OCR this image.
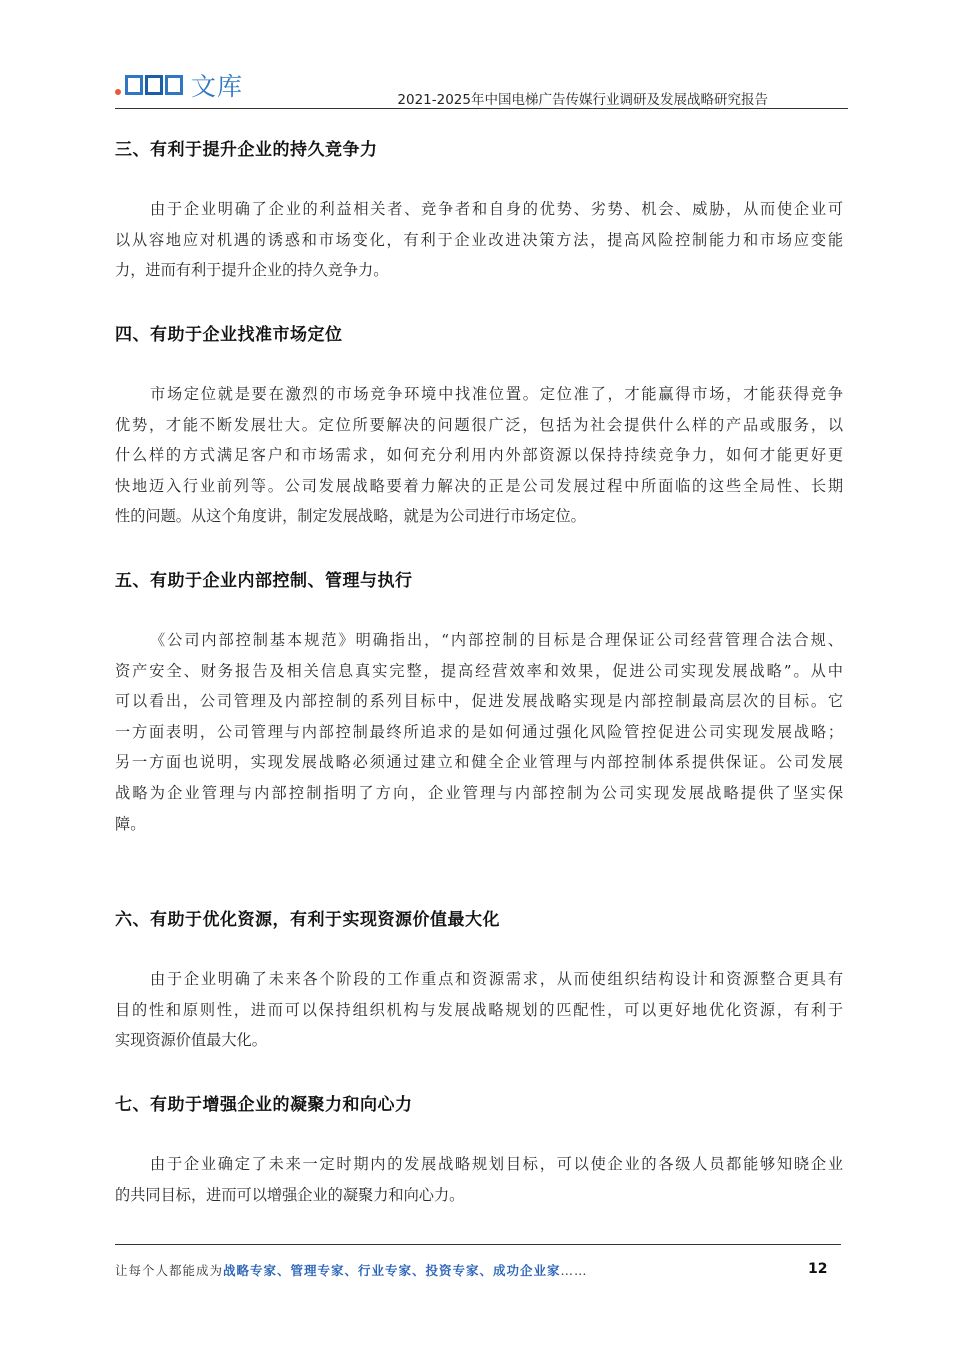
文库	2021-2025年中国电梯广告传媒行业调研及发展战略研究报告
三、有利于提升企业的持久竞争力

由于企业明确了企业的利益相关者、竞争者和自身的优势、劣势、机会、威胁，从而使企业可
以从容地应对机遇的诱惑和市场变化，有利于企业改进决策方法，提高风险控制能力和市场应变能
力，进而有利于提升企业的持久竞争力。

四、有助于企业找准市场定位

市场定位就是要在激烈的市场竞争环境中找准位置。定位准了，才能赢得市场，才能获得竞争
优势，才能不断发展壮大。定位所要解决的问题很广泛，包括为社会提供什么样的产品或服务，以
什么样的方式满足客户和市场需求，如何充分利用内外部资源以保持持续竞争力，如何才能更好更
快地迈入行业前列等。公司发展战略要着力解决的正是公司发展过程中所面临的这些全局性、长期
性的问题。从这个角度讲，制定发展战略，就是为公司进行市场定位。

五、有助于企业内部控制、管理与执行

《公司内部控制基本规范》明确指出，“内部控制的目标是合理保证公司经营管理合法合规、
资产安全、财务报告及相关信息真实完整，提高经营效率和效果，促进公司实现发展战略”。从中
可以看出，公司管理及内部控制的系列目标中，促进发展战略实现是内部控制最高层次的目标。它
一方面表明，公司管理与内部控制最终所追求的是如何通过强化风险管控促进公司实现发展战略；
另一方面也说明，实现发展战略必须通过建立和健全企业管理与内部控制体系提供保证。公司发展
战略为企业管理与内部控制指明了方向，企业管理与内部控制为公司实现发展战略提供了坚实保
障。

六、有助于优化资源，有利于实现资源价值最大化

由于企业明确了未来各个阶段的工作重点和资源需求，从而使组织结构设计和资源整合更具有
目的性和原则性，进而可以保持组织机构与发展战略规划的匹配性，可以更好地优化资源，有利于
实现资源价值最大化。

七、有助于增强企业的凝聚力和向心力

由于企业确定了未来一定时期内的发展战略规划目标，可以使企业的各级人员都能够知晓企业
的共同目标，进而可以增强企业的凝聚力和向心力。

让每个人都能成为战略专家、管理专家、行业专家、投资专家、成功企业家……	12
